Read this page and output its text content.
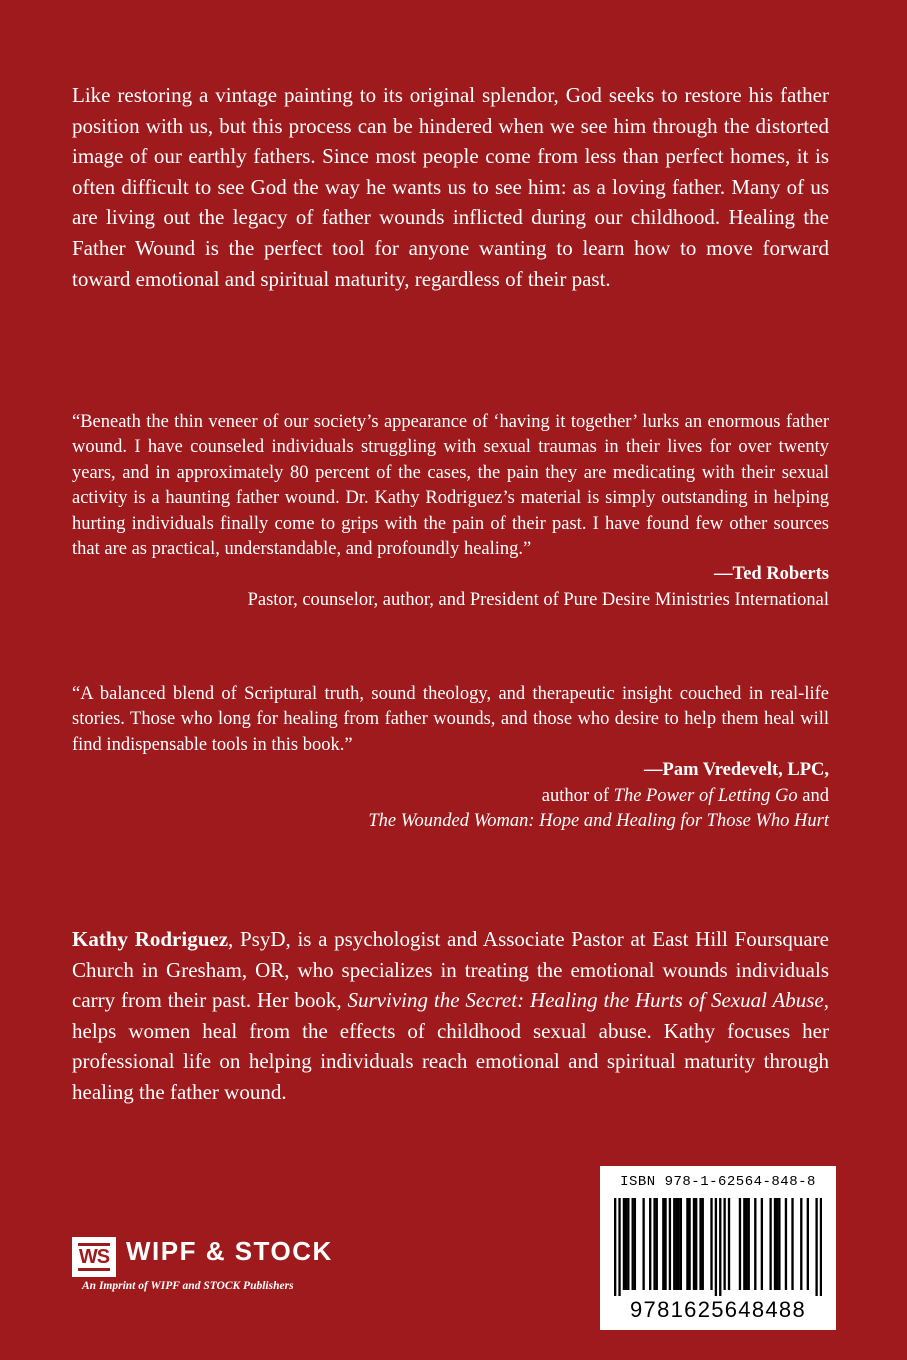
Like restoring a vintage painting to its original splendor, God seeks to restore his father position with us, but this process can be hindered when we see him through the distorted image of our earthly fathers. Since most people come from less than perfect homes, it is often difficult to see God the way he wants us to see him: as a loving father. Many of us are living out the legacy of father wounds inflicted during our childhood. Healing the Father Wound is the perfect tool for anyone wanting to learn how to move forward toward emotional and spiritual maturity, regardless of their past.
“Beneath the thin veneer of our society’s appearance of ‘having it together’ lurks an enormous father wound. I have counseled individuals struggling with sexual traumas in their lives for over twenty years, and in approximately 80 percent of the cases, the pain they are medicating with their sexual activity is a haunting father wound. Dr. Kathy Rodriguez’s material is simply outstanding in helping hurting individuals finally come to grips with the pain of their past. I have found few other sources that are as practical, understandable, and profoundly healing.”
—Ted Roberts
Pastor, counselor, author, and President of Pure Desire Ministries International
“A balanced blend of Scriptural truth, sound theology, and therapeutic insight couched in real-life stories. Those who long for healing from father wounds, and those who desire to help them heal will find indispensable tools in this book.”
—Pam Vredevelt, LPC,
author of The Power of Letting Go and
The Wounded Woman: Hope and Healing for Those Who Hurt
Kathy Rodriguez, PsyD, is a psychologist and Associate Pastor at East Hill Foursquare Church in Gresham, OR, who specializes in treating the emotional wounds individuals carry from their past. Her book, Surviving the Secret: Healing the Hurts of Sexual Abuse, helps women heal from the effects of childhood sexual abuse. Kathy focuses her professional life on helping individuals reach emotional and spiritual maturity through healing the father wound.
WS WIPF & STOCK
An Imprint of WIPF and STOCK Publishers
ISBN 978-1-62564-848-8
9781625648488
